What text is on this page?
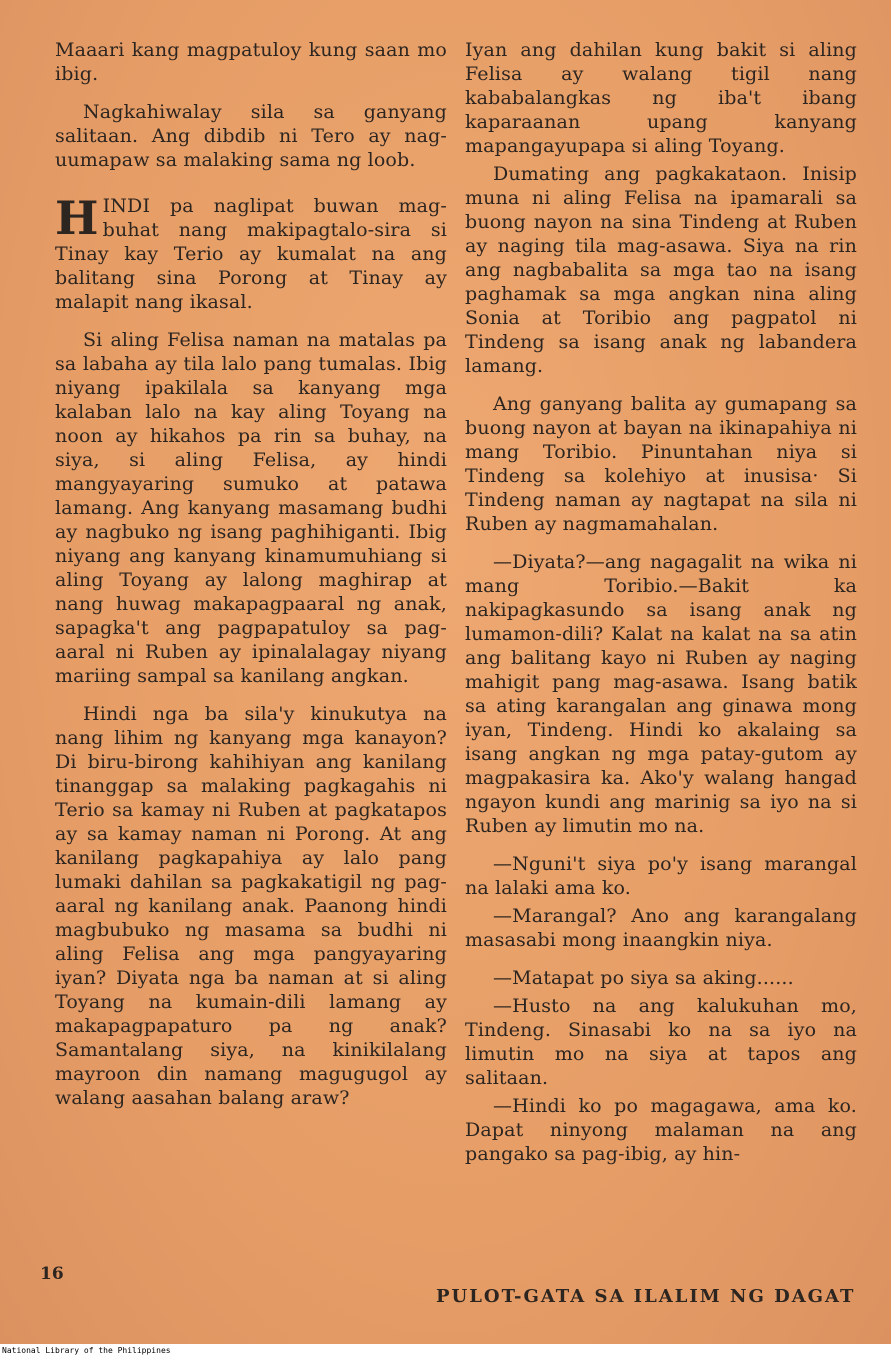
Maaari kang magpatuloy kung saan mo ibig.

Nagkahiwalay sila sa ganyang salitaan. Ang dibdib ni Tero ay nag-uumapaw sa malaking sama ng loob.

HINDI pa naglipat buwan mag-buhat nang makipagtalo-sira si Tinay kay Terio ay kumalat na ang balitang sina Porong at Tinay ay malapit nang ikasal.

Si aling Felisa naman na matalas pa sa labaha ay tila lalo pang tumalas. Ibig niyang ipakilala sa kanyang mga kalaban lalo na kay aling Toyang na noon ay hikahos pa rin sa buhay, na siya, si aling Felisa, ay hindi mangyayaring sumuko at patawa lamang. Ang kanyang masamang budhi ay nagbuko ng isang paghihiganti. Ibig niyang ang kanyang kinamumuhiang si aling Toyang ay lalong maghirap at nang huwag makapagpaaral ng anak, sapagka't ang pagpapatuloy sa pag-aaral ni Ruben ay ipinalalagay niyang mariing sampal sa kanilang angkan.

Hindi nga ba sila'y kinukutya na nang lihim ng kanyang mga kanayon? Di biru-birong kahihiyan ang kanilang tinanggap sa malaking pagkagahis ni Terio sa kamay ni Ruben at pagkatapos ay sa kamay naman ni Porong. At ang kanilang pagkapahiya ay lalo pang lumaki dahilan sa pagkakatigil ng pag-aaral ng kanilang anak. Paanong hindi magbubuko ng masama sa budhi ni aling Felisa ang mga pangyayaring iyan? Diyata nga ba naman at si aling Toyang na kumain-dili lamang ay makapagpapaturo pa ng anak? Samantalang siya, na kinikilalang mayroon din namang magugugol ay walang aasahan balang araw?

Iyan ang dahilan kung bakit si aling Felisa ay walang tigil nang kababalangkas ng iba't ibang kaparaanan upang kanyang mapangayupapa si aling Toyang.

Dumating ang pagkakataon. Inisip muna ni aling Felisa na ipamarali sa buong nayon na sina Tindeng at Ruben ay naging tila mag-asawa. Siya na rin ang nagbabalita sa mga tao na isang paghamak sa mga angkan nina aling Sonia at Toribio ang pagpatol ni Tindeng sa isang anak ng labandera lamang.

Ang ganyang balita ay gumapang sa buong nayon at bayan na ikinapahiya ni mang Toribio. Pinuntahan niya si Tindeng sa kolehiyo at inusisa· Si Tindeng naman ay nagtapat na sila ni Ruben ay nagmamahalan.

—Diyata?—ang nagagalit na wika ni mang Toribio.—Bakit ka nakipagkasundo sa isang anak ng lumamon-dili? Kalat na kalat na sa atin ang balitang kayo ni Ruben ay naging mahigit pang mag-asawa. Isang batik sa ating karangalan ang ginawa mong iyan, Tindeng. Hindi ko akalaing sa isang angkan ng mga patay-gutom ay magpakasira ka. Ako'y walang hangad ngayon kundi ang marinig sa iyo na si Ruben ay limutin mo na.

—Nguni't siya po'y isang marangal na lalaki ama ko.

—Marangal? Ano ang karangalang masasabi mong inaangkin niya.

—Matapat po siya sa aking......

—Husto na ang kalukuhan mo, Tindeng. Sinasabi ko na sa iyo na limutin mo na siya at tapos ang salitaan.

—Hindi ko po magagawa, ama ko. Dapat ninyong malaman na ang pangako sa pag-ibig, ay hin-

16
PULOT-GATA SA ILALIM NG DAGAT
National Library of the Philippines
